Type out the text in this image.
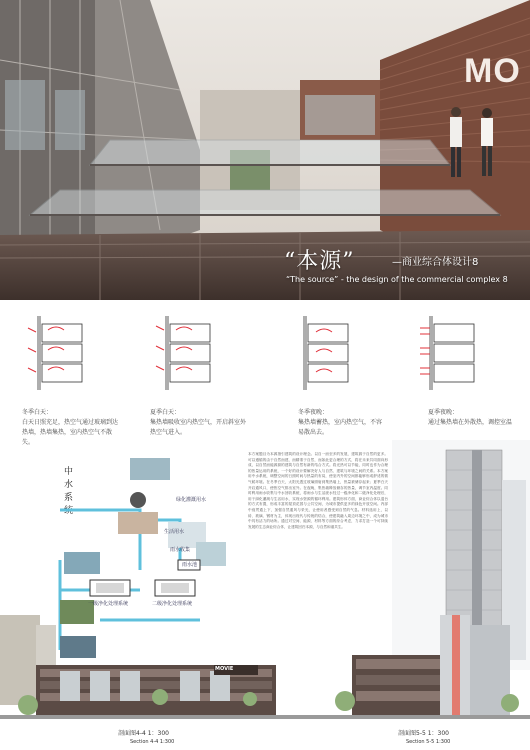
MO
“本源”	—商业综合体设计8
“The source” - the design of the commercial complex 8
冬季白天：
白天日照充足，热空气通过玻璃到达热墙，热墙集热，室内热空气不散失。
夏季白天：
集热墙吸收室内热空气，开启斜室外热空气进入。
冬季夜晚：
集热墙蓄热，室内热空气，不容易散出去。
夏季夜晚：
通过集热墙在外散热，调控室温
中水系统
绿化灌溉用水
生活用水
雨水收集
一级净化处理系统	二级净化处理系统
雨水池
本方案题目为本源指引建筑的设计理念。以自一而至多的发展，建筑源于自然的更多。可以遵循的由于自然而建，而精准于自然，而如此更合理的方式，将在未来共同面向形成，以自然而能源源的建筑与自然有新的结合方式。将光热可以节能，同时也作为合理的热量运用的系统，一个好的设计要解决好人与自然、建筑与环境之间的关系。本方案用中水系统，调整空间的日照时间与热量的布局，使室内外的空间都能够形成舒适的微气候环境。在冬季白天，太阳光透过玻璃照射到集热墙上，热量被储存起来；夏季白天开启通风口，使热空气排出室外。在夜晚，集热墙释放储存的热量，调节室内温度。同时利用雨水收集与中水回收系统，将雨水与生活废水经过一级净化和二级净化处理后，用于绿化灌溉与生活用水，实现水资源的循环利用。建筑形体方面，商业综合体以退台的方式布置，形成丰富的屋顶花园与公共空间，为城市提供更多的绿色开放空间。内部中庭贯通上下，加强自然通风与采光，让使用者感受到自然的气息。材料选用上，以砖、玻璃、钢材为主，体现出现代与传统的结合，使建筑融入周边环境之中，成为城市中具有活力的场所。通过对空间、能源、材料等方面的综合考虑，力求打造一个可持续发展的生态商业综合体，让建筑回归本源，与自然和谐共生。
MOVIE
剖面图4-4 1：300
Section 4-4 1:300
剖面图5-5 1：300
Section 5-5 1:300
